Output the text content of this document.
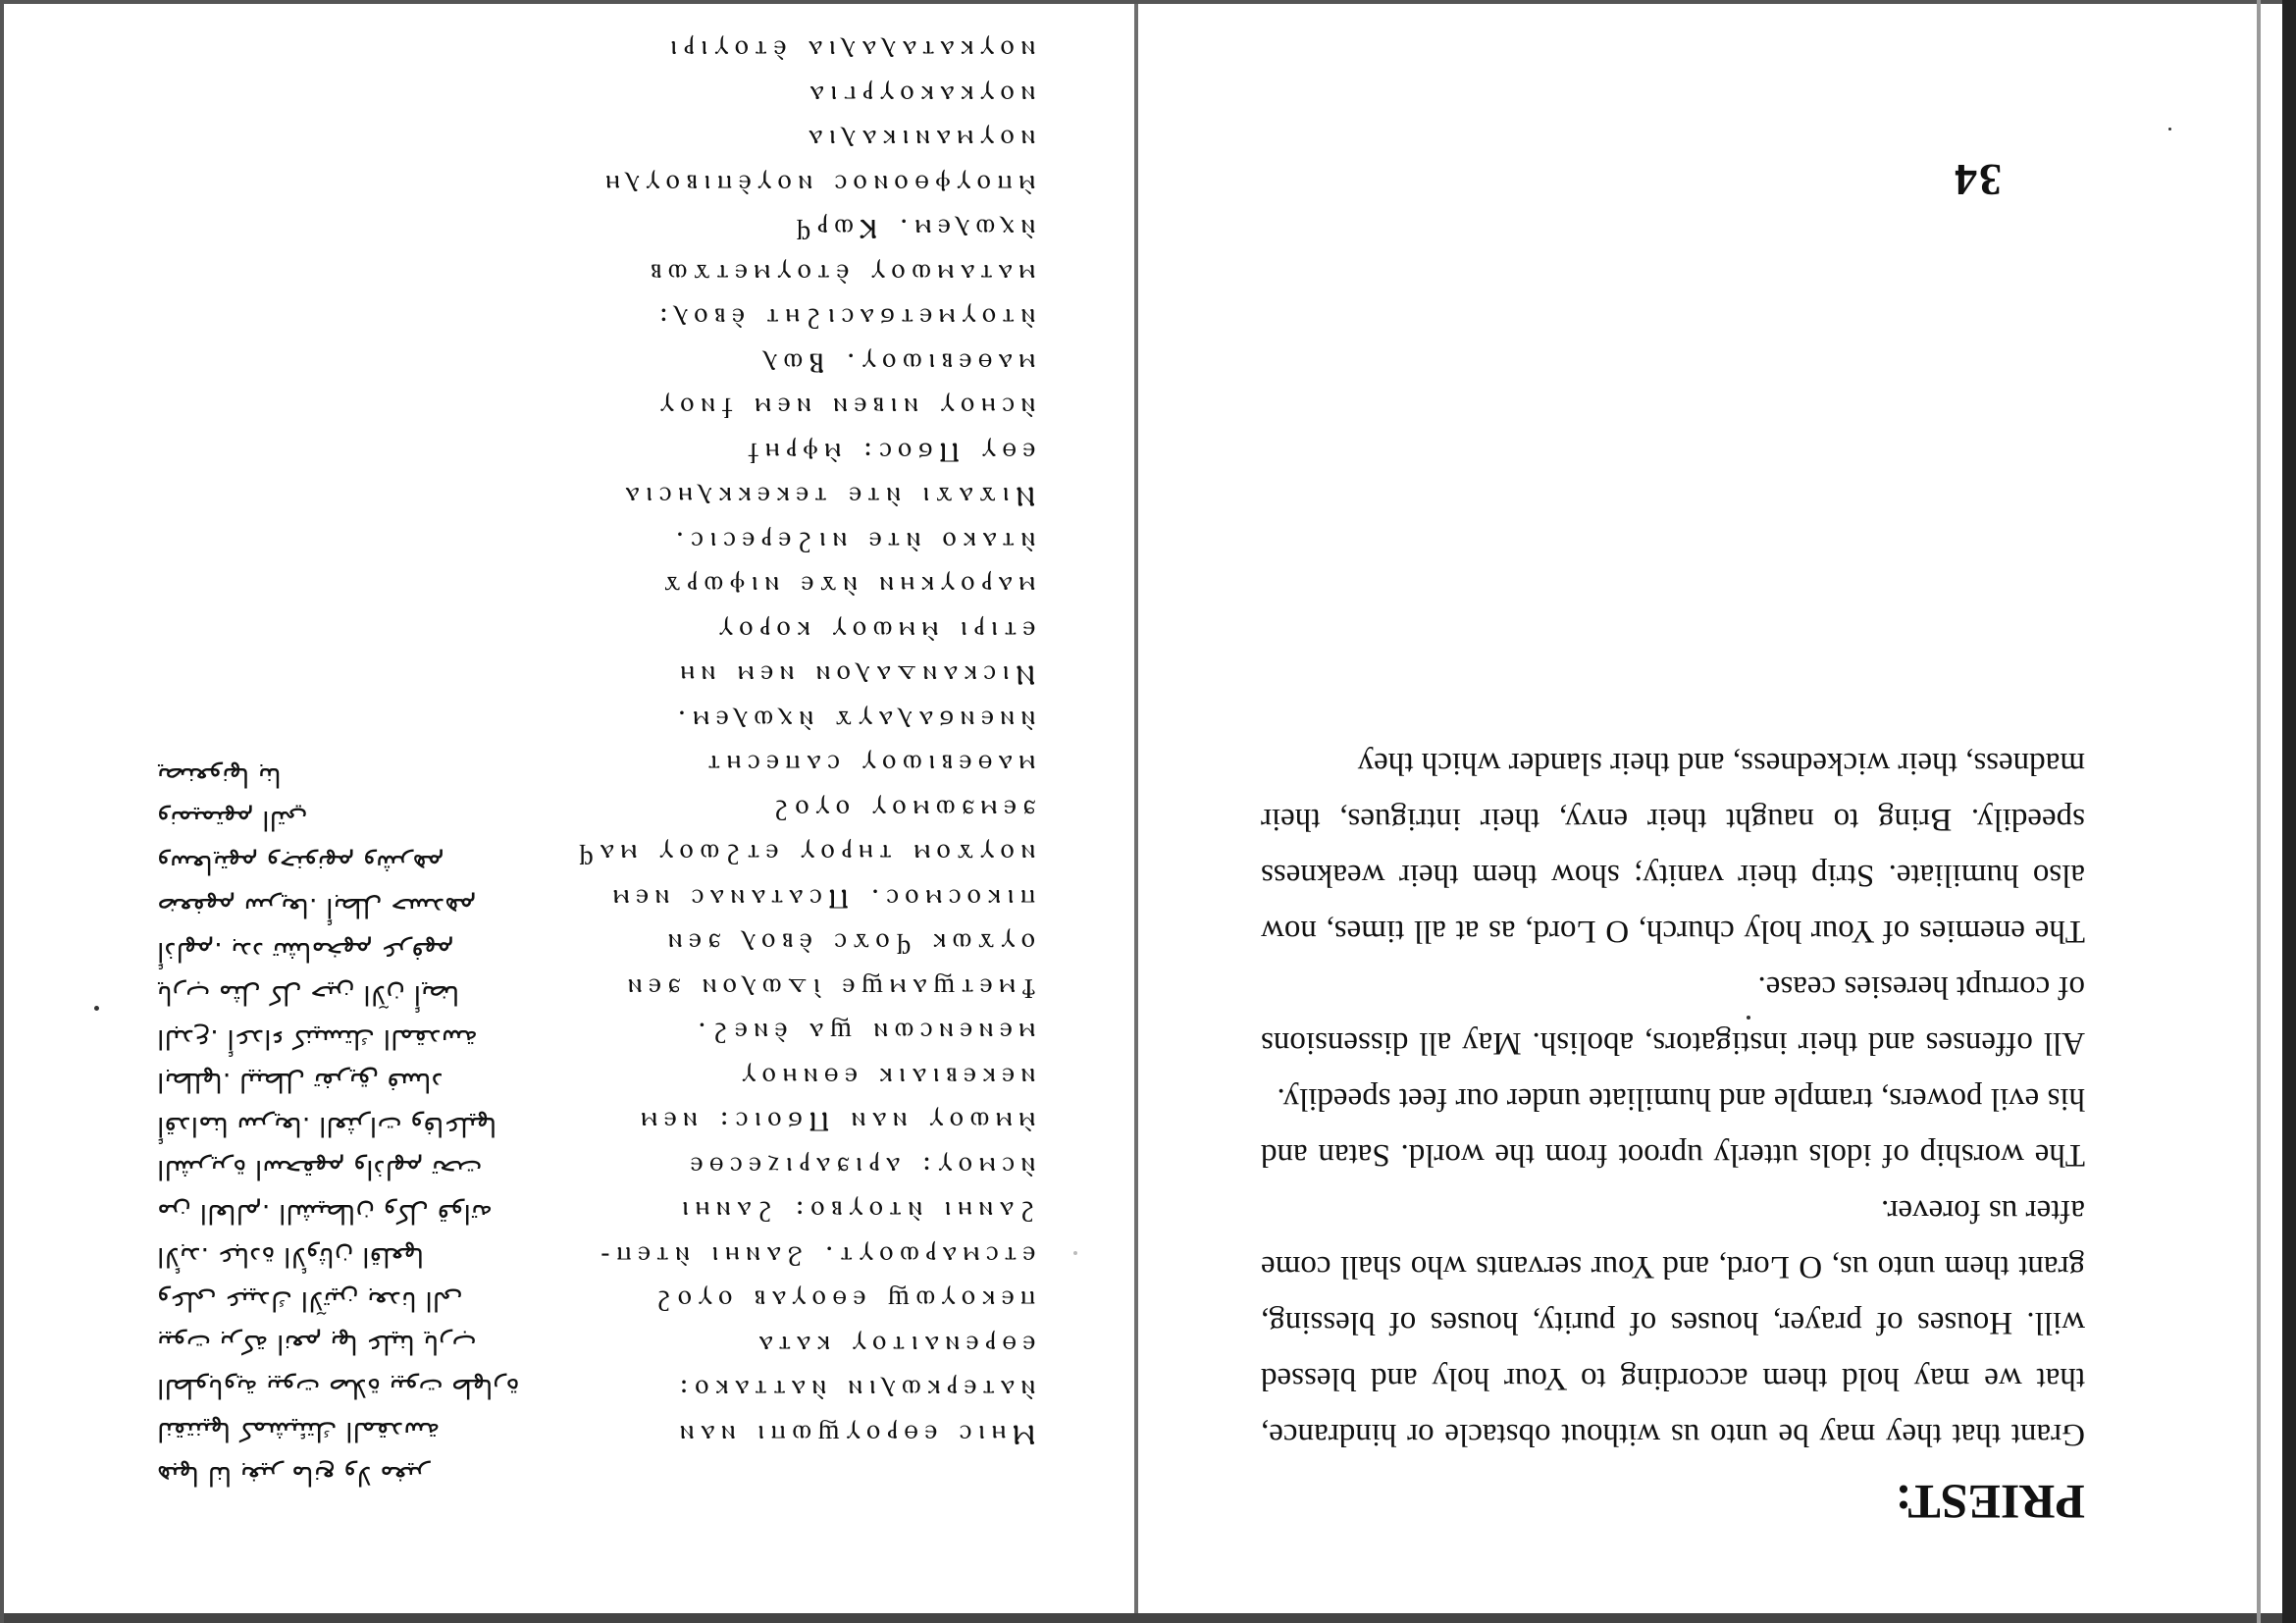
PRIEST:

Grant that they may be unto us without obstacle or hindrance, that we may hold them according to Your holy and blessed will. Houses of prayer, houses of purity, houses of blessing, grant them unto us, O Lord, and Your servants who shall come after us forever.

The worship of idols utterly uproot from the world. Satan and his evil powers, trample and humiliate under our feet speedily.

All offenses and their instigators, abolish. May all dissensions of corrupt heresies cease.

The enemies of Your holy church, O Lord, as at all times, now also humiliate. Strip their vanity; show them their weakness speedily. Bring to naught their envy, their intrigues, their madness, their wickedness, and their slander which they

34
Ⲙⲏⲓⲥ ⲉⲑⲣⲟⲩϣⲱⲡⲓ ⲛⲁⲛ
ⲛ̀ⲁⲧⲉⲣⲕⲱⲗⲓⲛ ⲛ̀ⲁⲧⲧⲁⲕⲟ:
ⲉⲑⲣⲉⲛⲁⲓⲧⲟⲩ ⲕⲁⲧⲁ
ⲡⲉⲕⲟⲩⲱϣ ⲉⲑⲟⲩⲁⲃ ⲟⲩⲟϩ
ⲉⲧⲥⲙⲁⲣⲱⲟⲩⲧ. Ϩⲁⲛⲏⲓ ⲛ̀ⲧⲉⲡ-
ϩⲁⲛⲏⲓ ⲛ̀ⲧⲟⲩⲃⲟ: ϩⲁⲛⲏⲓ
ⲛ̀ⲥⲙⲟⲩ: ⲁⲣⲓϧⲁⲣⲓⲍⲉⲥⲑⲉ
ⲙ̀ⲙⲱⲟⲩ ⲛⲁⲛ Ⲡϭⲟⲓⲥ: ⲛⲉⲙ
ⲛⲉⲕⲉⲃⲓⲁⲓⲕ ⲉⲑⲛⲏⲟⲩ
ⲙⲉⲛⲉⲛⲥⲱⲛ ϣⲁ ⲉ̀ⲛⲉϩ.
Ϯⲙⲉⲧϣⲁⲙϣⲉ ⲓ̀ⲇⲱⲗⲟⲛ ϧⲉⲛ
ⲟⲩϫⲱⲕ ϥⲟϫⲥ ⲉ̀ⲃⲟⲗ ϧⲉⲛ
ⲡⲓⲕⲟⲥⲙⲟⲥ. Ⲡⲥⲁⲧⲁⲛⲁⲥ ⲛⲉⲙ
ⲛⲟⲩϫⲟⲙ ⲧⲏⲣⲟⲩ ⲉⲧϩⲱⲟⲩ ⲙⲁϥ
ϧⲉⲙϧⲱⲙⲟⲩ ⲟⲩⲟϩ
ⲙⲁⲑⲉⲃⲓⲱⲟⲩ ⲥⲁⲡⲉⲥⲏⲧ
ⲛ̀ⲛⲉⲛϭⲁⲗⲁⲩϫ ⲛ̀ⲭⲱⲗⲉⲙ.
Ⲛⲓⲥⲕⲁⲛⲇⲁⲗⲟⲛ ⲛⲉⲙ ⲛⲏ
ⲉⲧⲓⲣⲓ ⲙ̀ⲙⲱⲟⲩ ⲕⲟⲣⲟⲩ
ⲙⲁⲣⲟⲩⲕⲏⲛ ⲛ̀ϫⲉ ⲛⲓⲫⲱⲣϫ
ⲛ̀ⲧⲁⲕⲟ ⲛ̀ⲧⲉ ⲛⲓϩⲉⲣⲉⲥⲓⲥ.
Ⲛⲓϫⲁϫⲓ ⲛ̀ⲧⲉ ⲧⲉⲕⲉⲕⲕⲗⲏⲥⲓⲁ
ⲉⲑⲩ Ⲡϭⲟⲥ: ⲙ̀ⲫⲣⲏϯ
ⲛ̀ⲥⲏⲟⲩ ⲛⲓⲃⲉⲛ ⲛⲉⲙ ϯⲛⲟⲩ
ⲙⲁⲑⲉⲃⲓⲱⲟⲩ. Ⲃⲱⲗ
ⲛ̀ⲧⲟⲩⲙⲉⲧϭⲁⲥⲓϩⲏⲧ ⲉ̀ⲃⲟⲗ:
ⲙⲁⲧⲁⲙⲱⲟⲩ ⲉ̀ⲧⲟⲩⲙⲉⲧϫⲱⲃ
ⲛ̀ⲭⲱⲗⲉⲙ. Ⲕⲱⲣϥ
ⲙ̀ⲡⲟⲩⲫⲑⲟⲛⲟⲥ ⲛⲟⲩⲉ̀ⲡⲓⲃⲟⲩⲗⲏ
ⲛⲟⲩⲙⲁⲛⲓⲕⲁⲗⲓⲁ
ⲛⲟⲩⲕⲁⲕⲟⲩⲣⲅⲓⲁ
ⲛⲟⲩⲕⲁⲧⲁⲗⲁⲗⲓⲁ ⲉ̀ⲧⲟⲩⲓⲣⲓ
هبها لنا بغير مانع ولا مغير
لنقتنيها كمشيئتك المقدسة
الطوباوية بيوت صلاة بيوت طهارة
بيوت بركة انعم بها علينا يارب
وعلى عبيدك الآتين بعدنا الى
الأبد. عبادة الأوثان اقلعها
من العالم. الشيطان وكل قواته
الشريرة اسحقهم واذلهم تحت
أقدامنا سريعا. العثرات وفاعليها
ابطلها. ليبطل تفريق فساد
البدع. أعداء كنيستك المقدسة
يارب مثل كل حين الآن أيضا
أذلهم. بدد تشامخهم عرفهم
ضعفهم سريعا. أبطل حسدهم
وسعايتهم وجنونهم وشرهم
ونميمتهم التي
يصنعونها بنا
